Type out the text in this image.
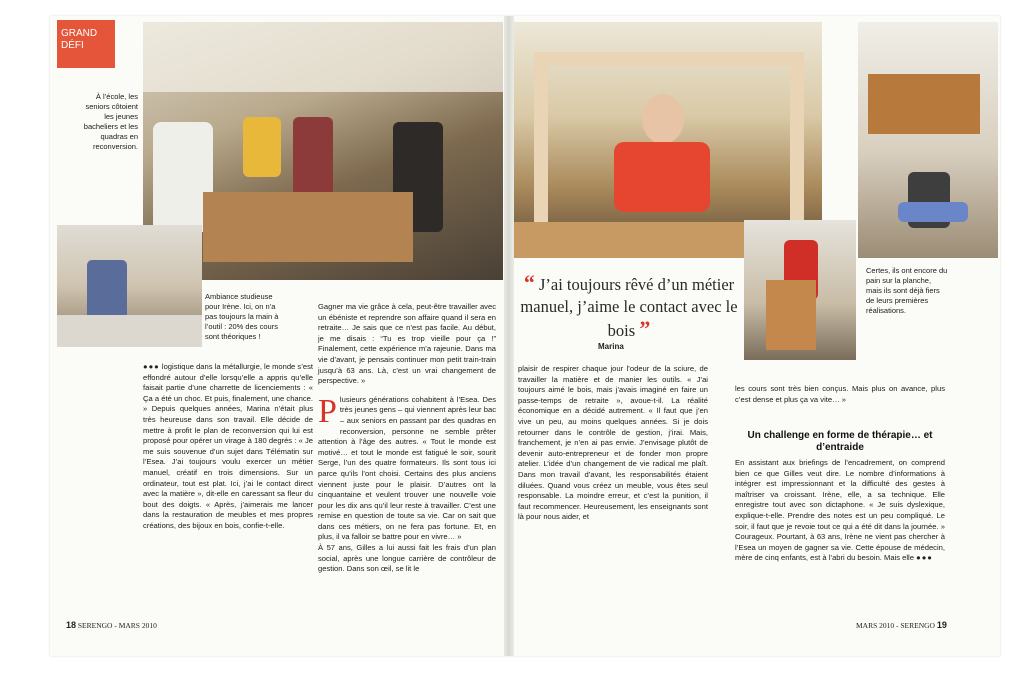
GRAND DÉFI
À l’école, les seniors côtoient les jeunes bacheliers et les quadras en reconversion.
Ambiance studieuse pour Irène. Ici, on n’a pas toujours la main à l’outil : 20% des cours sont théoriques !

●●● logistique dans la métallurgie, le monde s’est effondré autour d’elle lorsqu’elle a appris qu’elle faisait partie d’une charrette de licenciements : « Ça a été un choc. Et puis, finalement, une chance. » Depuis quelques années, Marina n’était plus très heureuse dans son travail. Elle décide de mettre à profit le plan de reconversion qui lui est proposé pour opérer un virage à 180 degrés : « Je me suis souvenue d’un sujet dans Télématin sur l’Esea. J’ai toujours voulu exercer un métier manuel, créatif en trois dimensions. Sur un ordinateur, tout est plat. Ici, j’ai le contact direct avec la matière », dit-elle en caressant sa fleur du bout des doigts. « Après, j’aimerais me lancer dans la restauration de meubles et mes propres créations, des bijoux en bois, confie-t-elle.

Gagner ma vie grâce à cela, peut-être travailler avec un ébéniste et reprendre son affaire quand il sera en retraite… Je sais que ce n’est pas facile. Au début, je me disais : “Tu es trop vieille pour ça !” Finalement, cette expérience m’a rajeunie. Dans ma vie d’avant, je pensais continuer mon petit train-train jusqu’à 63 ans. Là, c’est un vrai changement de perspective. »

Plusieurs générations cohabitent à l’Esea. Des très jeunes gens – qui viennent après leur bac – aux seniors en passant par des quadras en reconversion, personne ne semble prêter attention à l’âge des autres. « Tout le monde est motivé… et tout le monde est fatigué le soir, sourit Serge, l’un des quatre formateurs. Ils sont tous ici parce qu’ils l’ont choisi. Certains des plus anciens viennent juste pour le plaisir. D’autres ont la cinquantaine et veulent trouver une nouvelle voie pour les dix ans qu’il leur reste à travailler. C’est une remise en question de toute sa vie. Car on sait que dans ces métiers, on ne fera pas fortune. Et, en plus, il va falloir se battre pour en vivre… »

À 57 ans, Gilles a lui aussi fait les frais d’un plan social, après une longue carrière de contrôleur de gestion. Dans son œil, se lit le

Certes, ils ont encore du pain sur la planche, mais ils sont déjà fiers de leurs premières réalisations.
“ J’ai toujours rêvé d’un métier manuel, j’aime le contact avec le bois ”
Marina

plaisir de respirer chaque jour l’odeur de la sciure, de travailler la matière et de manier les outils. « J’ai toujours aimé le bois, mais j’avais imaginé en faire un passe-temps de retraite », avoue-t-il. La réalité économique en a décidé autrement. « Il faut que j’en vive un peu, au moins quelques années. Si je dois retourner dans le contrôle de gestion, j’irai. Mais, franchement, je n’en ai pas envie. J’envisage plutôt de devenir auto-entrepreneur et de fonder mon propre atelier. L’idée d’un changement de vie radical me plaît. Dans mon travail d’avant, les responsabilités étaient diluées. Quand vous créez un meuble, vous êtes seul responsable. La moindre erreur, et c’est la punition, il faut recommencer. Heureusement, les enseignants sont là pour nous aider, et

les cours sont très bien conçus. Mais plus on avance, plus c’est dense et plus ça va vite… »

Un challenge en forme de thérapie… et d’entraide

En assistant aux briefings de l’encadrement, on comprend bien ce que Gilles veut dire. Le nombre d’informations à intégrer est impressionnant et la difficulté des gestes à maîtriser va croissant. Irène, elle, a sa technique. Elle enregistre tout avec son dictaphone. « Je suis dyslexique, explique-t-elle. Prendre des notes est un peu compliqué. Le soir, il faut que je revoie tout ce qui a été dit dans la journée. » Courageux. Pourtant, à 63 ans, Irène ne vient pas chercher à l’Esea un moyen de gagner sa vie. Cette épouse de médecin, mère de cinq enfants, est à l’abri du besoin. Mais elle ●●●

18 SERENGO - MARS 2010	MARS 2010 - SERENGO 19
